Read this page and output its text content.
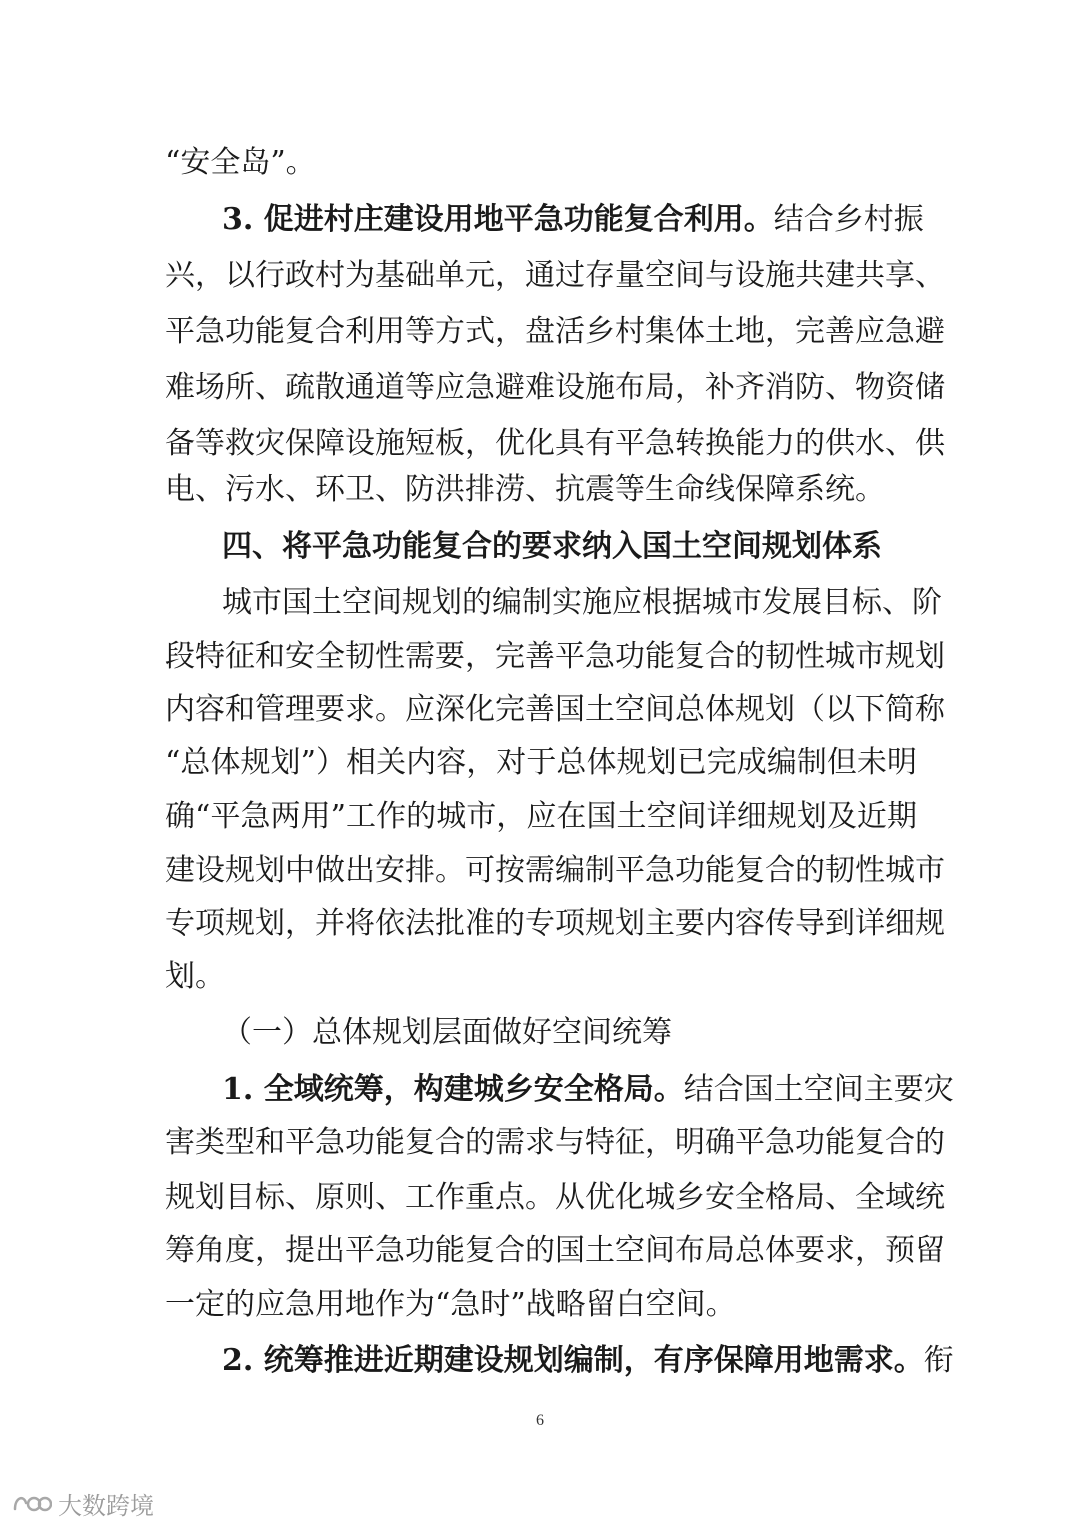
“安全岛”。
3. 促进村庄建设用地平急功能复合利用。结合乡村振
兴，以行政村为基础单元，通过存量空间与设施共建共享、
平急功能复合利用等方式，盘活乡村集体土地，完善应急避
难场所、疏散通道等应急避难设施布局，补齐消防、物资储
备等救灾保障设施短板，优化具有平急转换能力的供水、供
电、污水、环卫、防洪排涝、抗震等生命线保障系统。
四、将平急功能复合的要求纳入国土空间规划体系
城市国土空间规划的编制实施应根据城市发展目标、阶
段特征和安全韧性需要，完善平急功能复合的韧性城市规划
内容和管理要求。应深化完善国土空间总体规划（以下简称
“总体规划”）相关内容，对于总体规划已完成编制但未明
确“平急两用”工作的城市，应在国土空间详细规划及近期
建设规划中做出安排。可按需编制平急功能复合的韧性城市
专项规划，并将依法批准的专项规划主要内容传导到详细规
划。
（一）总体规划层面做好空间统筹
1. 全域统筹，构建城乡安全格局。结合国土空间主要灾
害类型和平急功能复合的需求与特征，明确平急功能复合的
规划目标、原则、工作重点。从优化城乡安全格局、全域统
筹角度，提出平急功能复合的国土空间布局总体要求，预留
一定的应急用地作为“急时”战略留白空间。
2. 统筹推进近期建设规划编制，有序保障用地需求。衔
6
大数跨境
